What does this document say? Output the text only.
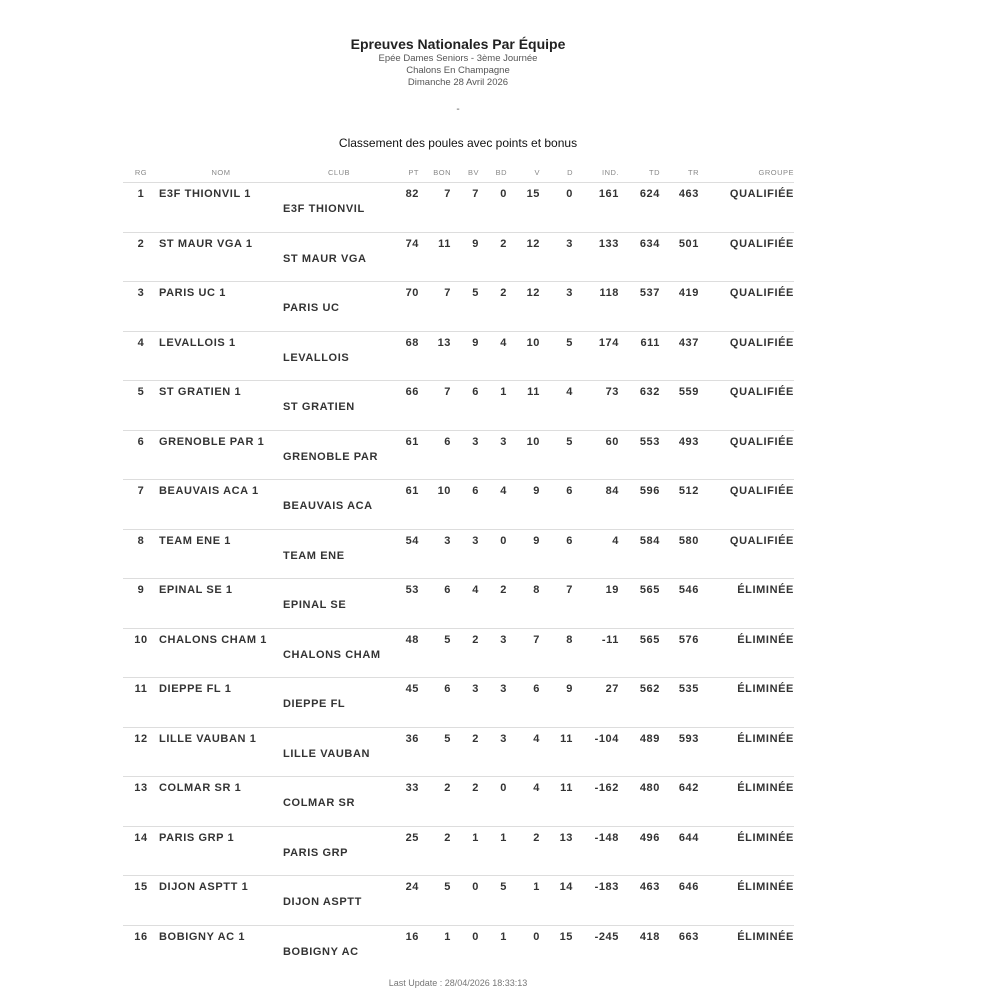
Epreuves Nationales Par Équipe
Epée Dames Seniors - 3ème Journée
Chalons En Champagne
Dimanche 28 Avril 2026
-
Classement des poules avec points et bonus
RG	NOM	CLUB	PT	BON	BV	BD	V	D	IND.	TD	TR	GROUPE
1	E3F THIONVIL 1	E3F THIONVIL	82	7	7	0	15	0	161	624	463	QUALIFIÉE
2	ST MAUR VGA 1	ST MAUR VGA	74	11	9	2	12	3	133	634	501	QUALIFIÉE
3	PARIS UC 1	PARIS UC	70	7	5	2	12	3	118	537	419	QUALIFIÉE
4	LEVALLOIS 1	LEVALLOIS	68	13	9	4	10	5	174	611	437	QUALIFIÉE
5	ST GRATIEN 1	ST GRATIEN	66	7	6	1	11	4	73	632	559	QUALIFIÉE
6	GRENOBLE PAR 1	GRENOBLE PAR	61	6	3	3	10	5	60	553	493	QUALIFIÉE
7	BEAUVAIS ACA 1	BEAUVAIS ACA	61	10	6	4	9	6	84	596	512	QUALIFIÉE
8	TEAM ENE 1	TEAM ENE	54	3	3	0	9	6	4	584	580	QUALIFIÉE
9	EPINAL SE 1	EPINAL SE	53	6	4	2	8	7	19	565	546	ÉLIMINÉE
10	CHALONS CHAM 1	CHALONS CHAM	48	5	2	3	7	8	-11	565	576	ÉLIMINÉE
11	DIEPPE FL 1	DIEPPE FL	45	6	3	3	6	9	27	562	535	ÉLIMINÉE
12	LILLE VAUBAN 1	LILLE VAUBAN	36	5	2	3	4	11	-104	489	593	ÉLIMINÉE
13	COLMAR SR 1	COLMAR SR	33	2	2	0	4	11	-162	480	642	ÉLIMINÉE
14	PARIS GRP 1	PARIS GRP	25	2	1	1	2	13	-148	496	644	ÉLIMINÉE
15	DIJON ASPTT 1	DIJON ASPTT	24	5	0	5	1	14	-183	463	646	ÉLIMINÉE
16	BOBIGNY AC 1	BOBIGNY AC	16	1	0	1	0	15	-245	418	663	ÉLIMINÉE
Last Update : 28/04/2026 18:33:13
